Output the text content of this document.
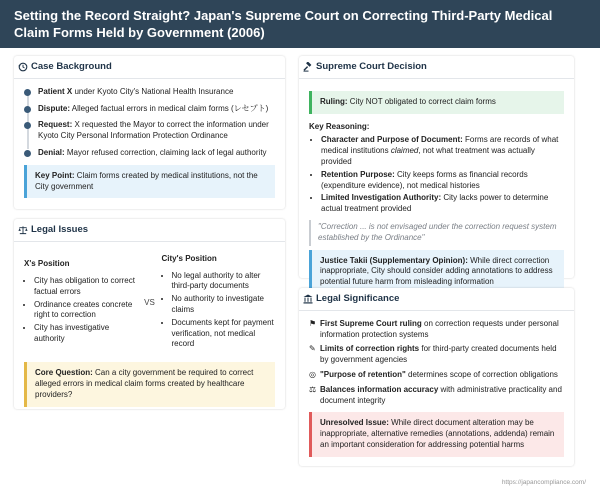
Setting the Record Straight? Japan's Supreme Court on Correcting Third-Party Medical Claim Forms Held by Government (2006)
Case Background
Patient X under Kyoto City's National Health Insurance
Dispute: Alleged factual errors in medical claim forms (レセプト)
Request: X requested the Mayor to correct the information under Kyoto City Personal Information Protection Ordinance
Denial: Mayor refused correction, claiming lack of legal authority
Key Point: Claim forms created by medical institutions, not the City government
Legal Issues
X's Position
• City has obligation to correct factual errors
• Ordinance creates concrete right to correction
• City has investigative authority
VS
City's Position
• No legal authority to alter third-party documents
• No authority to investigate claims
• Documents kept for payment verification, not medical record
Core Question: Can a city government be required to correct alleged errors in medical claim forms created by healthcare providers?
Supreme Court Decision
Ruling: City NOT obligated to correct claim forms
Key Reasoning:
• Character and Purpose of Document: Forms are records of what medical institutions claimed, not what treatment was actually provided
• Retention Purpose: City keeps forms as financial records (expenditure evidence), not medical histories
• Limited Investigation Authority: City lacks power to determine actual treatment provided
"Correction ... is not envisaged under the correction request system established by the Ordinance"
Justice Takii (Supplementary Opinion): While direct correction inappropriate, City should consider adding annotations to address potential future harm from misleading information
Legal Significance
⚑ First Supreme Court ruling on correction requests under personal information protection systems
✎ Limits of correction rights for third-party created documents held by government agencies
◎ "Purpose of retention" determines scope of correction obligations
⚖ Balances information accuracy with administrative practicality and document integrity
Unresolved Issue: While direct document alteration may be inappropriate, alternative remedies (annotations, addenda) remain an important consideration for addressing potential harms
https://japancompliance.com/
